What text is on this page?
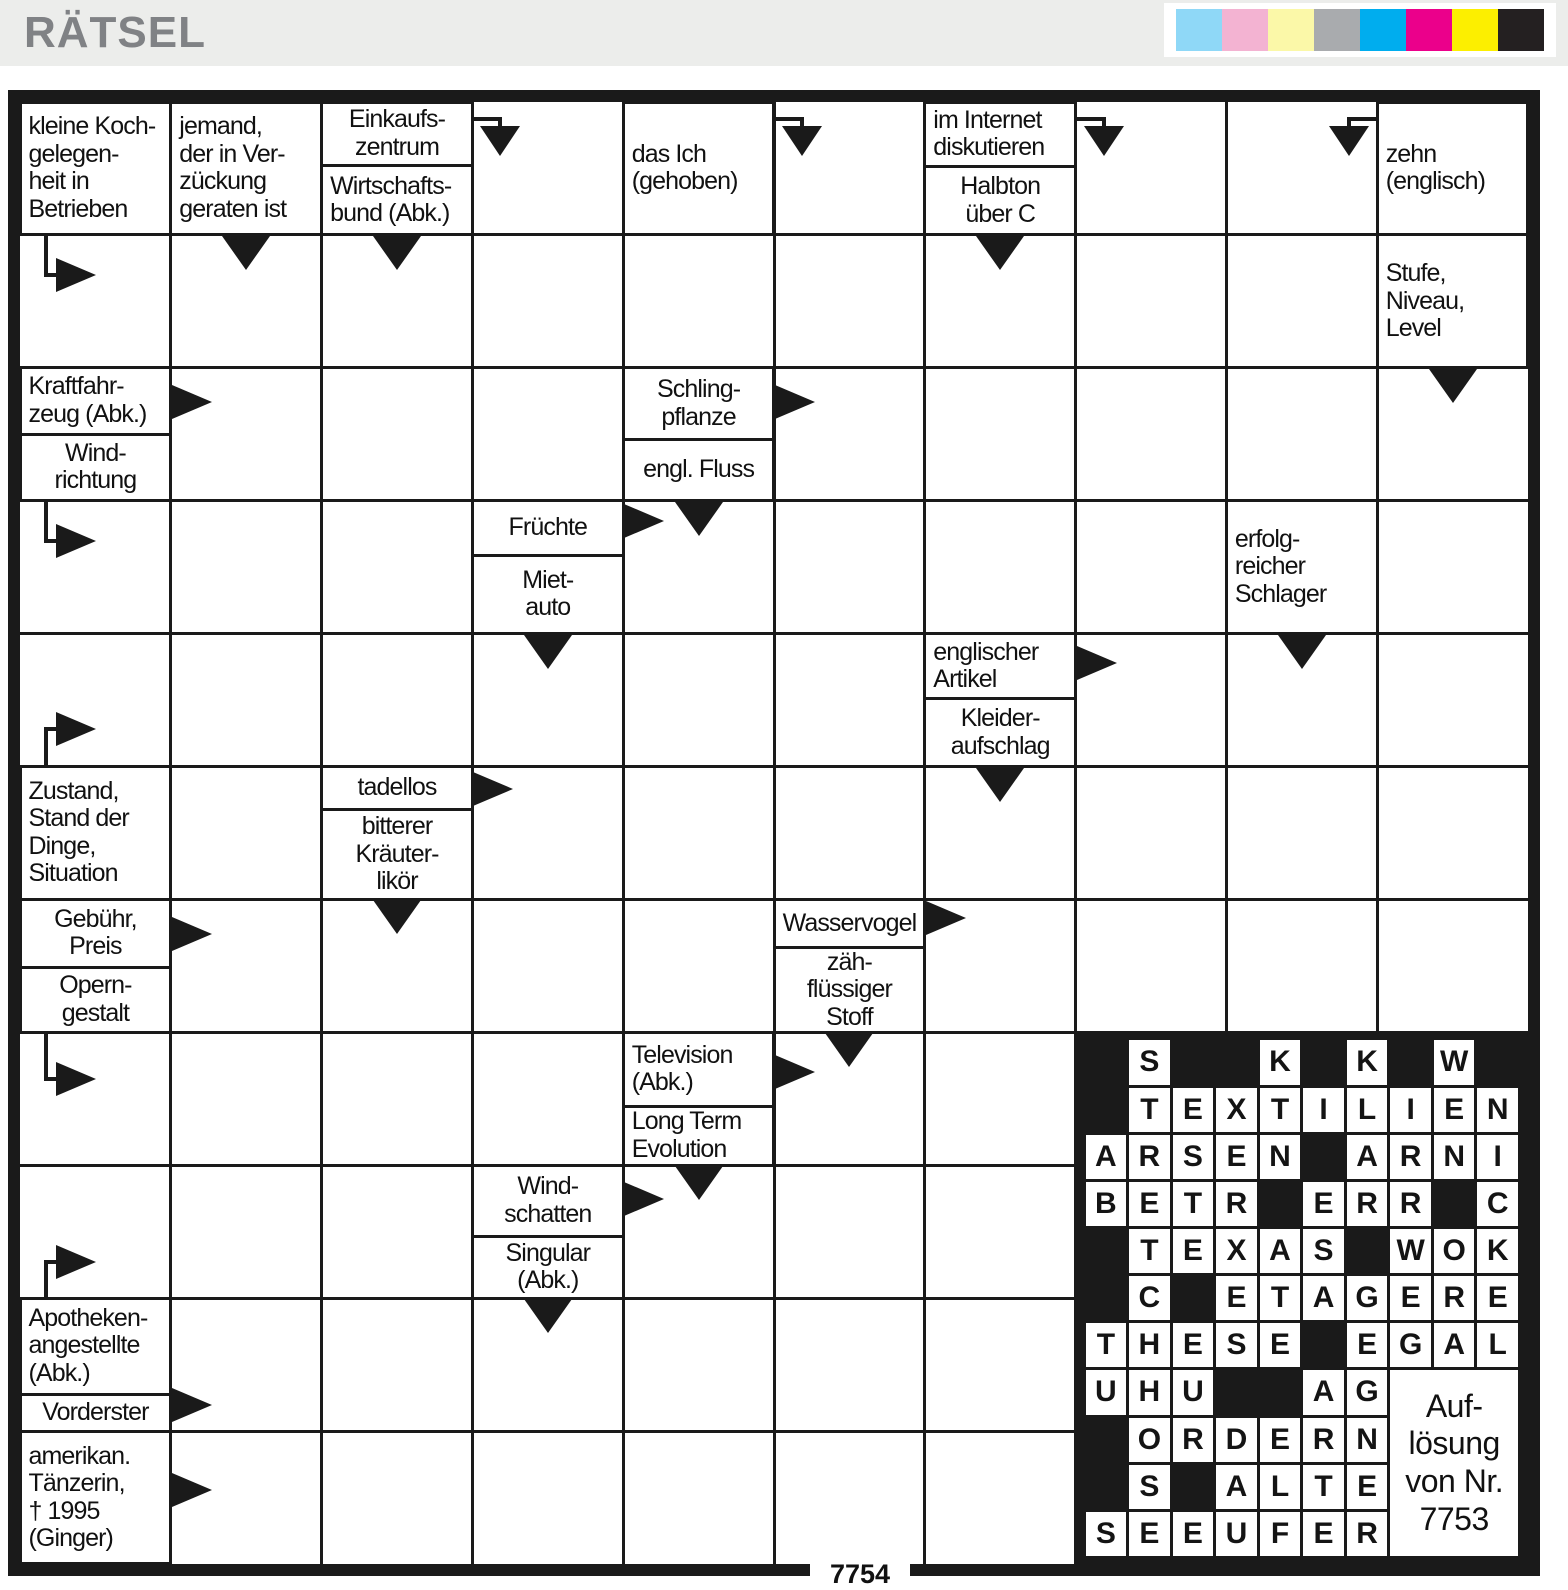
RÄTSEL
kleine Koch-
gelegen-
heit in
Betrieben
jemand,
der in Ver-
zückung
geraten ist
Einkaufs-
zentrum
Wirtschafts-
bund (Abk.)
das Ich
(gehoben)
im Internet
diskutieren
Halbton
über C
zehn
(englisch)
Stufe,
Niveau,
Level
Kraftfahr-
zeug (Abk.)
Wind-
richtung
Schling-
pflanze
engl. Fluss
Früchte
Miet-
auto
erfolg-
reicher
Schlager
englischer
Artikel
Kleider-
aufschlag
Zustand,
Stand der
Dinge,
Situation
tadellos
bitterer
Kräuter-
likör
Gebühr,
Preis
Opern-
gestalt
Wasservogel
zäh-
flüssiger
Stoff
Television
(Abk.)
Long Term
Evolution
Wind-
schatten
Singular
(Abk.)
Apotheken-
angestellte
(Abk.)
Vorderster
amerikan.
Tänzerin,
† 1995
(Ginger)
S	K	K	W
T E X T	I	L	I E N
A R S E N	A R N I
B E T R	E R R	C
T E X A S	W O K
C	E T A G E R E
T H E S E	E G A L
U H U	A G
O R D E R N
S	A L T E
S E E U F E R
Auf-
lösung
von Nr.
7753
7754
